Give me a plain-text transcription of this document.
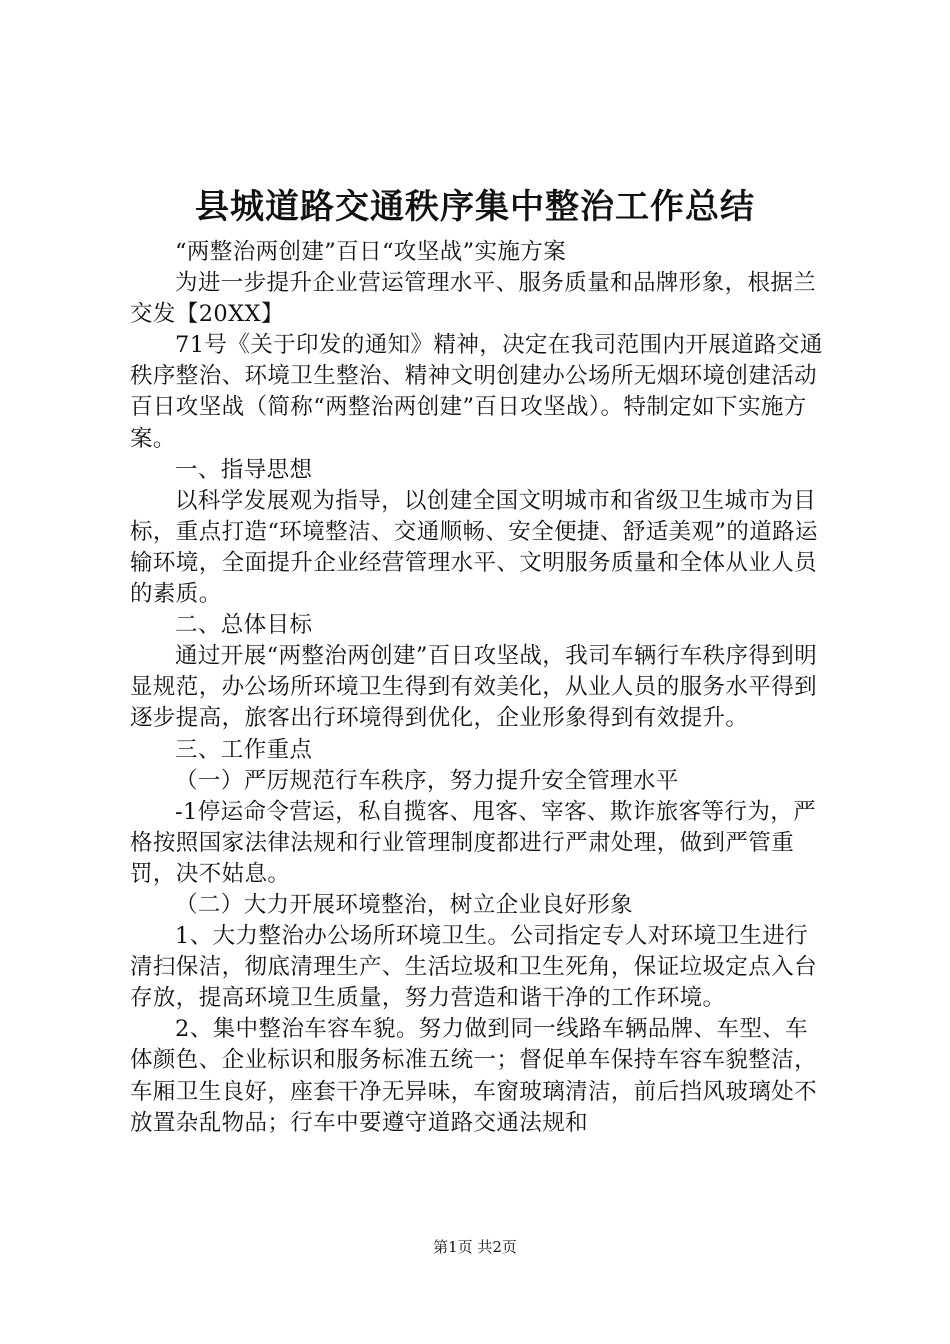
县城道路交通秩序集中整治工作总结

“两整治两创建”百日“攻坚战”实施方案

为进一步提升企业营运管理水平、服务质量和品牌形象，根据兰交发【20XX】

71号《关于印发的通知》精神，决定在我司范围内开展道路交通秩序整治、环境卫生整治、精神文明创建办公场所无烟环境创建活动百日攻坚战（简称“两整治两创建”百日攻坚战）。特制定如下实施方案。

一、指导思想

以科学发展观为指导，以创建全国文明城市和省级卫生城市为目标，重点打造“环境整洁、交通顺畅、安全便捷、舒适美观”的道路运输环境，全面提升企业经营管理水平、文明服务质量和全体从业人员的素质。

二、总体目标

通过开展“两整治两创建”百日攻坚战，我司车辆行车秩序得到明显规范，办公场所环境卫生得到有效美化，从业人员的服务水平得到逐步提高，旅客出行环境得到优化，企业形象得到有效提升。

三、工作重点

（一）严厉规范行车秩序，努力提升安全管理水平

-1停运命令营运，私自揽客、甩客、宰客、欺诈旅客等行为，严格按照国家法律法规和行业管理制度都进行严肃处理，做到严管重罚，决不姑息。

（二）大力开展环境整治，树立企业良好形象

1、大力整治办公场所环境卫生。公司指定专人对环境卫生进行清扫保洁，彻底清理生产、生活垃圾和卫生死角，保证垃圾定点入台存放，提高环境卫生质量，努力营造和谐干净的工作环境。

2、集中整治车容车貌。努力做到同一线路车辆品牌、车型、车体颜色、企业标识和服务标准五统一；督促单车保持车容车貌整洁，车厢卫生良好，座套干净无异味，车窗玻璃清洁，前后挡风玻璃处不放置杂乱物品；行车中要遵守道路交通法规和

第1页 共2页
